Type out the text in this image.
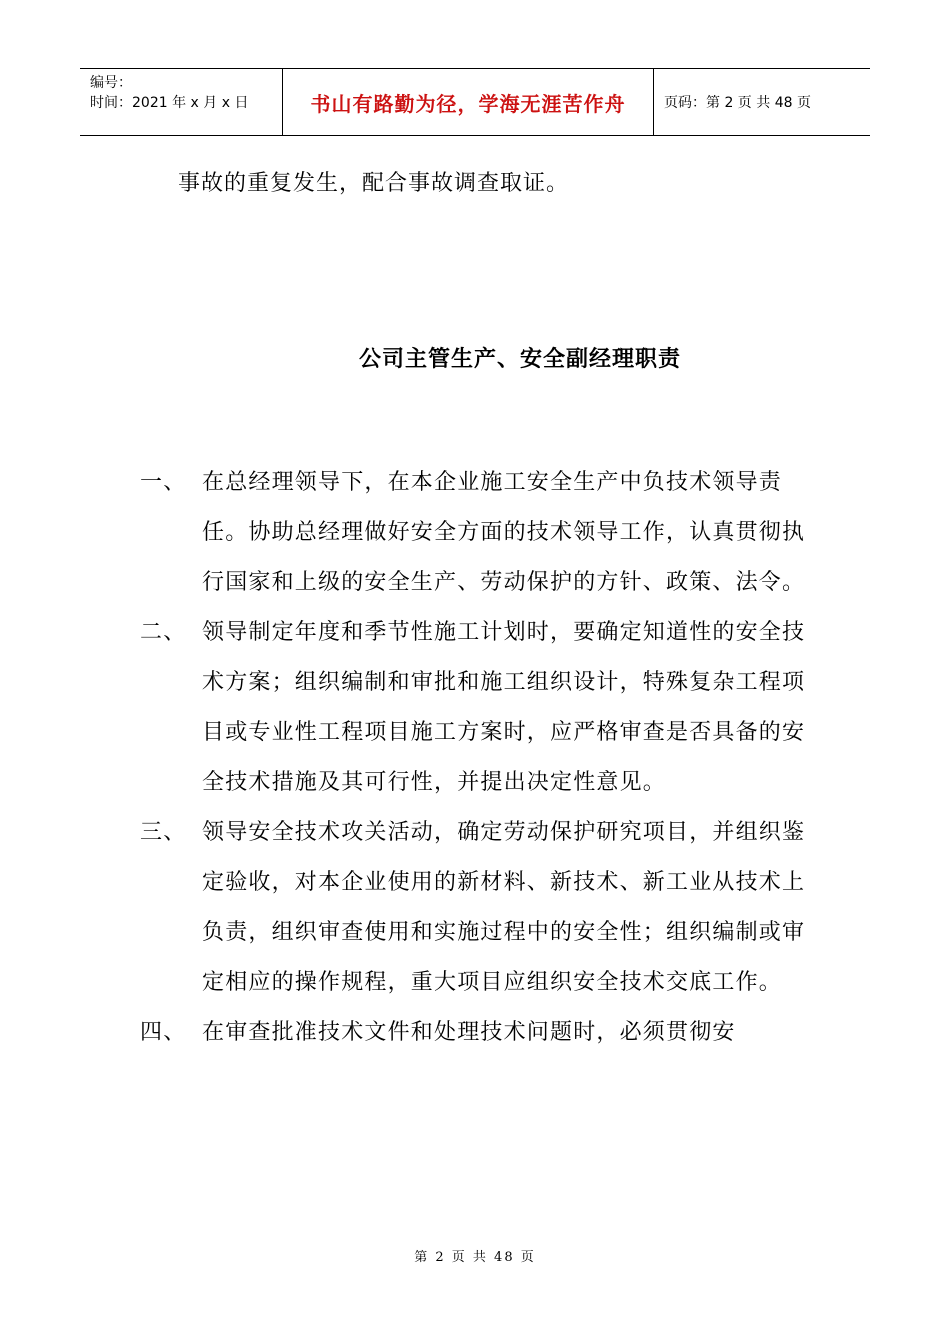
编号：
时间：2021 年 x 月 x 日	书山有路勤为径，学海无涯苦作舟	页码：第 2 页 共 48 页
事故的重复发生，配合事故调查取证。
公司主管生产、安全副经理职责
一、 在总经理领导下，在本企业施工安全生产中负技术领导责任。协助总经理做好安全方面的技术领导工作，认真贯彻执行国家和上级的安全生产、劳动保护的方针、政策、法令。
二、 领导制定年度和季节性施工计划时，要确定知道性的安全技术方案；组织编制和审批和施工组织设计，特殊复杂工程项目或专业性工程项目施工方案时，应严格审查是否具备的安全技术措施及其可行性，并提出决定性意见。
三、 领导安全技术攻关活动，确定劳动保护研究项目，并组织鉴定验收，对本企业使用的新材料、新技术、新工业从技术上负责，组织审查使用和实施过程中的安全性；组织编制或审定相应的操作规程，重大项目应组织安全技术交底工作。
四、 在审查批准技术文件和处理技术问题时，必须贯彻安
第 2 页 共 48 页
